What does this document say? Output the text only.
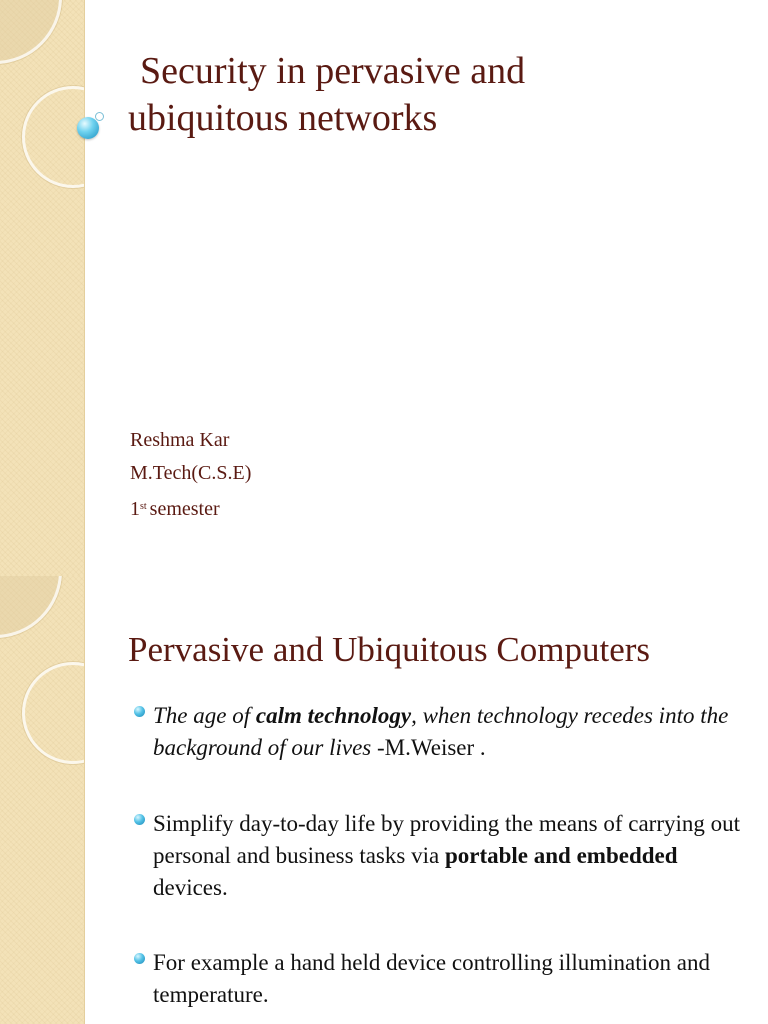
Security in pervasive and
ubiquitous networks
Reshma Kar
M.Tech(C.S.E)
1st semester
Pervasive and Ubiquitous Computers
The age of calm technology, when technology recedes into the background of our lives -M.Weiser .
Simplify day-to-day life by providing the means of carrying out personal and business tasks via portable and embedded devices.
For example a hand held device controlling illumination and temperature.
